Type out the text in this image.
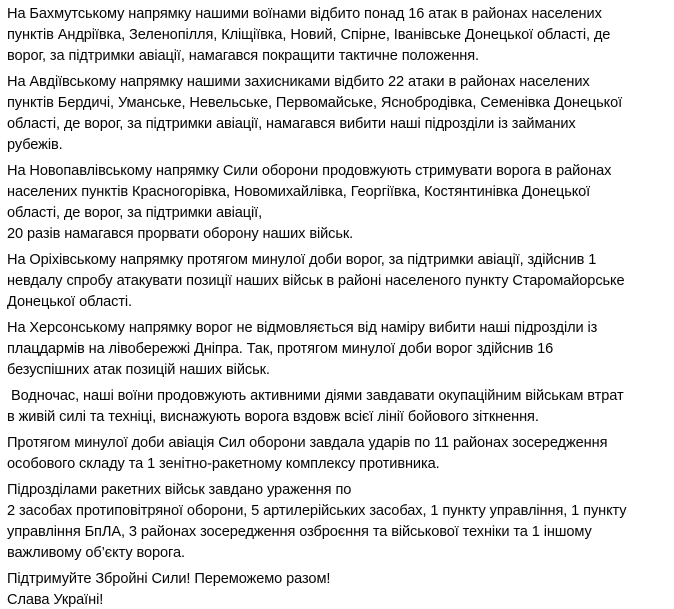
На Бахмутському напрямку нашими воїнами відбито понад 16 атак в районах населених
пунктів Андріївка, Зеленопілля, Кліщіївка, Новий, Спірне, Іванівське Донецької області, де
ворог, за підтримки авіації, намагався покращити тактичне положення.

На Авдіївському напрямку нашими захисниками відбито 22 атаки в районах населених
пунктів Бердичі, Уманське, Невельське, Первомайське, Яснобродівка, Семенівка Донецької
області, де ворог, за підтримки авіації, намагався вибити наші підрозділи із займаних
рубежів.

На Новопавлівському напрямку Сили оборони продовжують стримувати ворога в районах
населених пунктів Красногорівка, Новомихайлівка, Георгіївка, Костянтинівка Донецької
області, де ворог, за підтримки авіації,
20 разів намагався прорвати оборону наших військ.

На Оріхівському напрямку протягом минулої доби ворог, за підтримки авіації, здійснив 1
невдалу спробу атакувати позиції наших військ в районі населеного пункту Старомайорське
Донецької області.

На Херсонському напрямку ворог не відмовляється від наміру вибити наші підрозділи із
плацдармів на лівобережжі Дніпра. Так, протягом минулої доби ворог здійснив 16
безуспішних атак позицій наших військ.

Водночас, наші воїни продовжують активними діями завдавати окупаційним військам втрат
в живій силі та техніці, виснажують ворога вздовж всієї лінії бойового зіткнення.

Протягом минулої доби авіація Сил оборони завдала ударів по 11 районах зосередження
особового складу та 1 зенітно-ракетному комплексу противника.

Підрозділами ракетних військ завдано ураження по
2 засобах протиповітряної оборони, 5 артилерійських засобах, 1 пункту управління, 1 пункту
управління БпЛА, 3 районах зосередження озброєння та військової техніки та 1 іншому
важливому об’єкту ворога.

Підтримуйте Збройні Сили! Переможемо разом!
Слава Україні!
